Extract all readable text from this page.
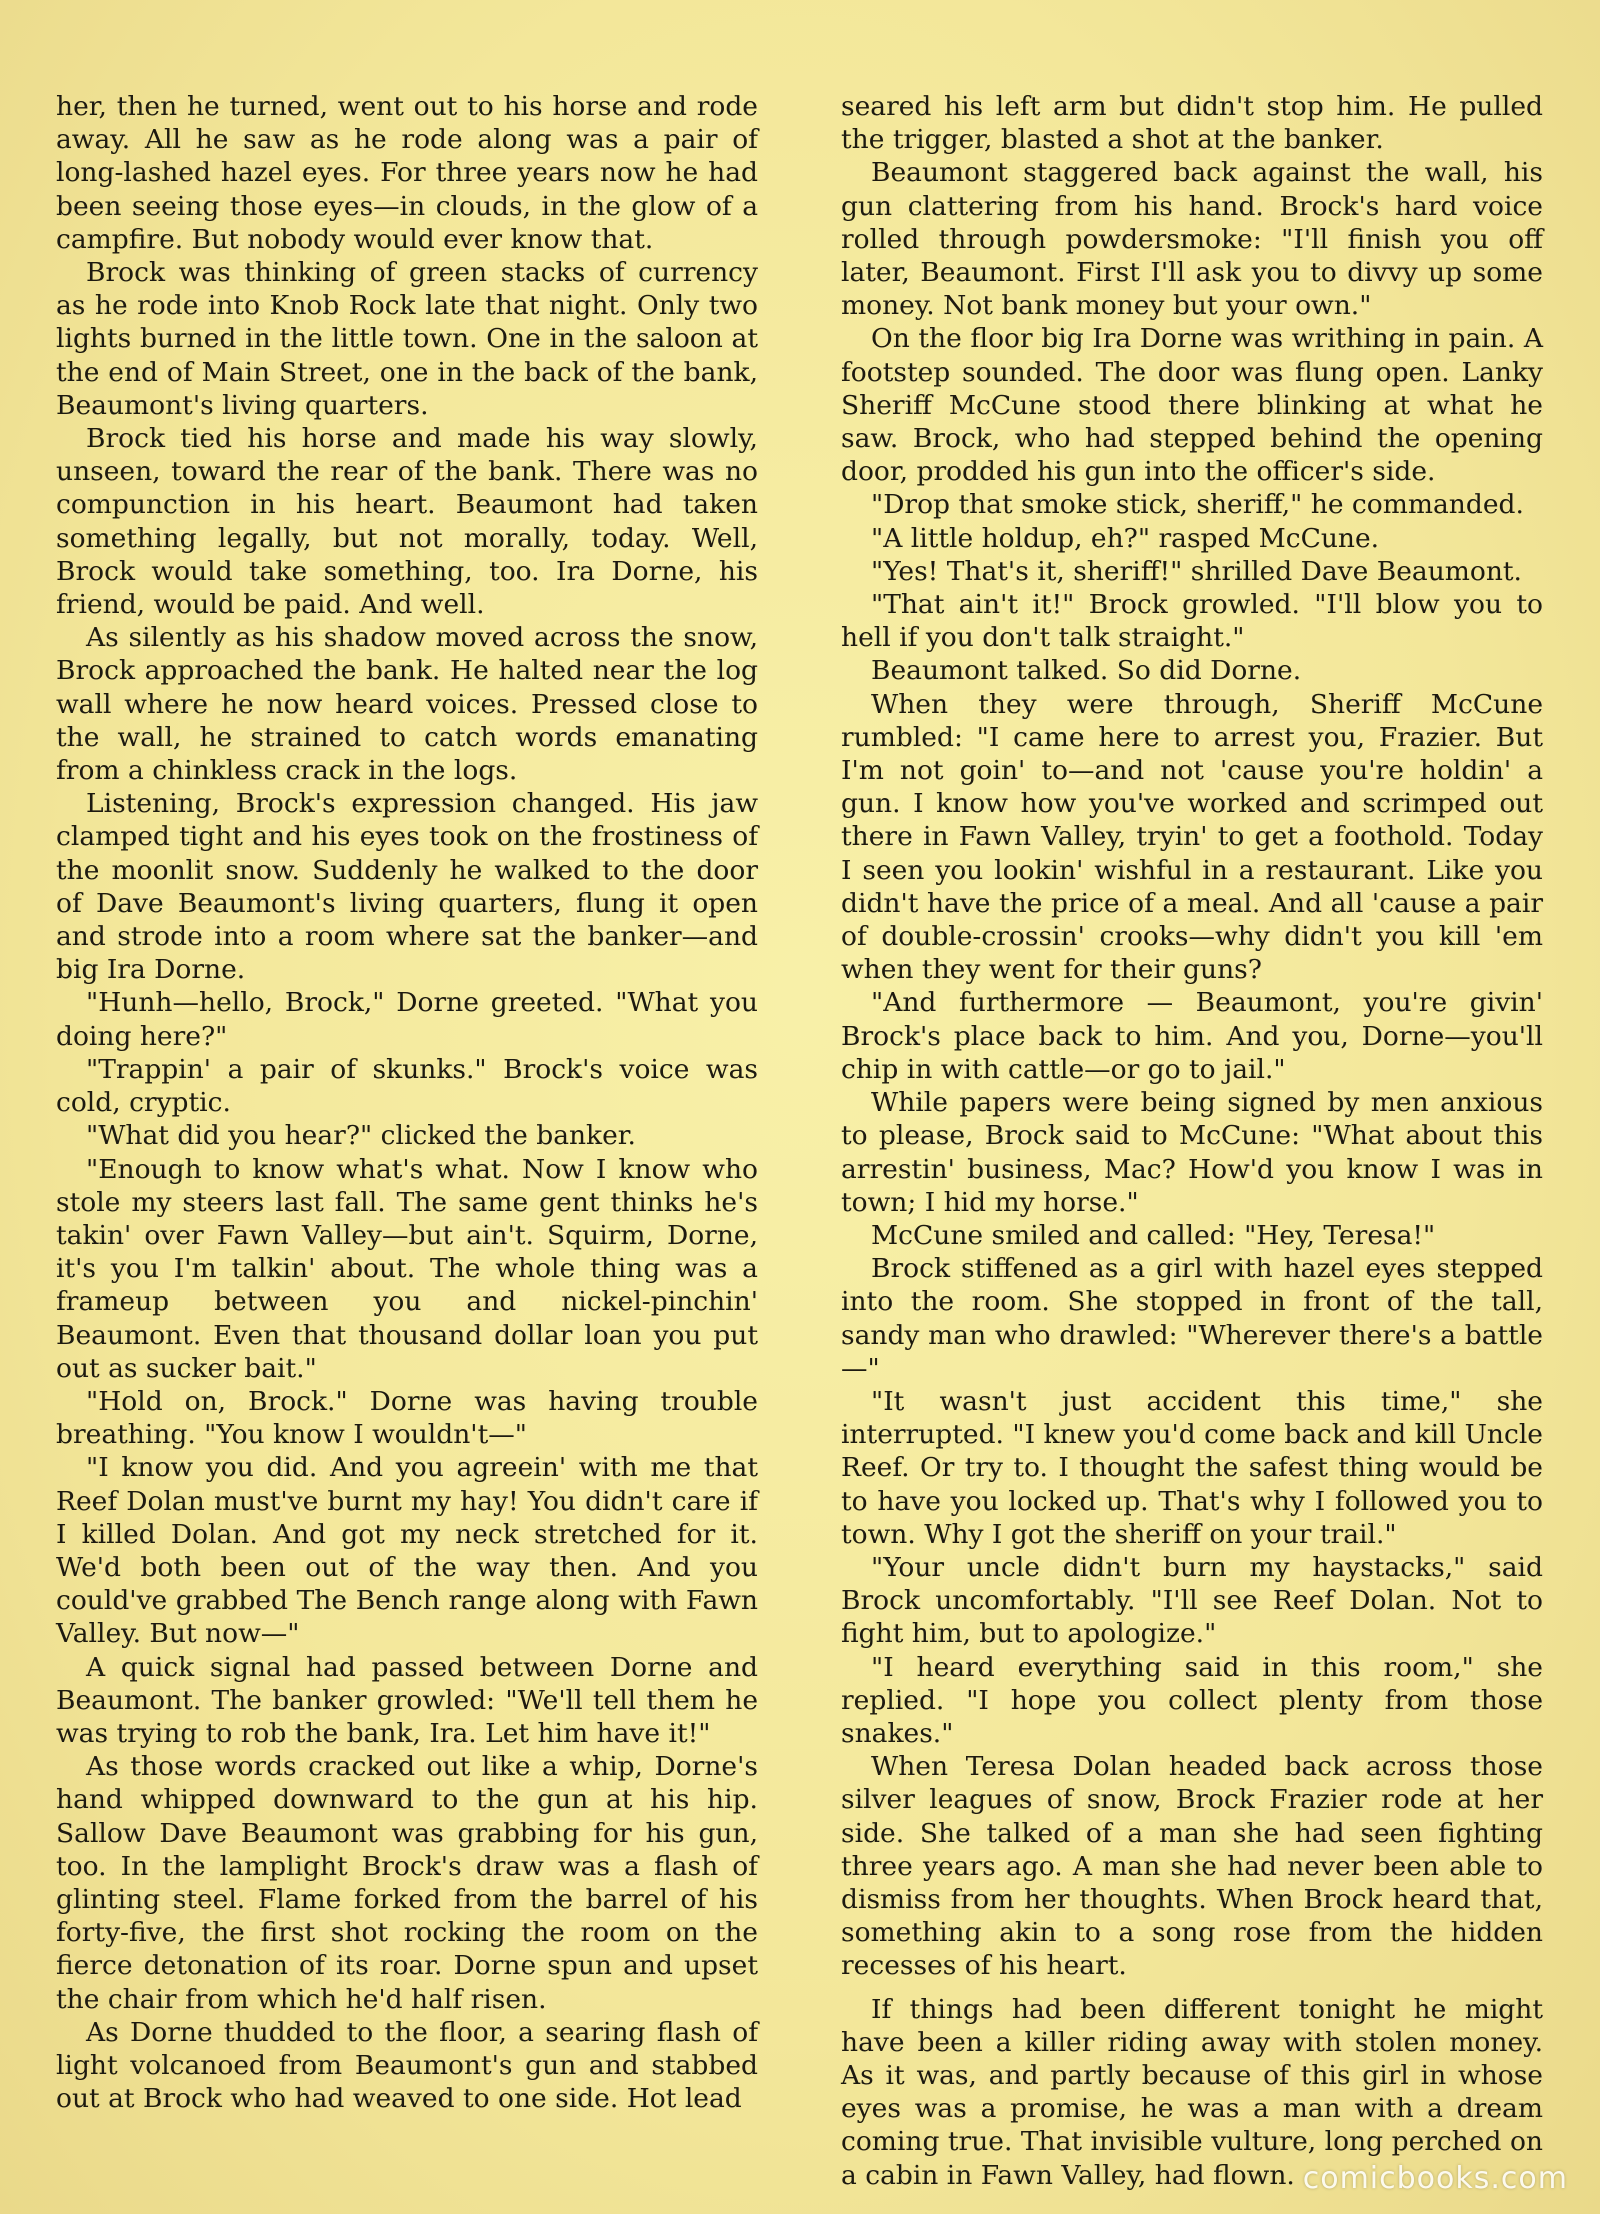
her, then he turned, went out to his horse and rode away. All he saw as he rode along was a pair of long-lashed hazel eyes. For three years now he had been seeing those eyes—in clouds, in the glow of a campfire. But nobody would ever know that.

Brock was thinking of green stacks of currency as he rode into Knob Rock late that night. Only two lights burned in the little town. One in the saloon at the end of Main Street, one in the back of the bank, Beaumont's living quarters.

Brock tied his horse and made his way slowly, unseen, toward the rear of the bank. There was no compunction in his heart. Beaumont had taken something legally, but not morally, today. Well, Brock would take something, too. Ira Dorne, his friend, would be paid. And well.

As silently as his shadow moved across the snow, Brock approached the bank. He halted near the log wall where he now heard voices. Pressed close to the wall, he strained to catch words emanating from a chinkless crack in the logs.

Listening, Brock's expression changed. His jaw clamped tight and his eyes took on the frostiness of the moonlit snow. Suddenly he walked to the door of Dave Beaumont's living quarters, flung it open and strode into a room where sat the banker—and big Ira Dorne.

"Hunh—hello, Brock," Dorne greeted. "What you doing here?"

"Trappin' a pair of skunks." Brock's voice was cold, cryptic.

"What did you hear?" clicked the banker.

"Enough to know what's what. Now I know who stole my steers last fall. The same gent thinks he's takin' over Fawn Valley—but ain't. Squirm, Dorne, it's you I'm talkin' about. The whole thing was a frameup between you and nickel-pinchin' Beaumont. Even that thousand dollar loan you put out as sucker bait."

"Hold on, Brock." Dorne was having trouble breathing. "You know I wouldn't—"

"I know you did. And you agreein' with me that Reef Dolan must've burnt my hay! You didn't care if I killed Dolan. And got my neck stretched for it. We'd both been out of the way then. And you could've grabbed The Bench range along with Fawn Valley. But now—"

A quick signal had passed between Dorne and Beaumont. The banker growled: "We'll tell them he was trying to rob the bank, Ira. Let him have it!"

As those words cracked out like a whip, Dorne's hand whipped downward to the gun at his hip. Sallow Dave Beaumont was grabbing for his gun, too. In the lamplight Brock's draw was a flash of glinting steel. Flame forked from the barrel of his forty-five, the first shot rocking the room on the fierce detonation of its roar. Dorne spun and upset the chair from which he'd half risen.

As Dorne thudded to the floor, a searing flash of light volcanoed from Beaumont's gun and stabbed out at Brock who had weaved to one side. Hot lead

seared his left arm but didn't stop him. He pulled the trigger, blasted a shot at the banker.

Beaumont staggered back against the wall, his gun clattering from his hand. Brock's hard voice rolled through powdersmoke: "I'll finish you off later, Beaumont. First I'll ask you to divvy up some money. Not bank money but your own."

On the floor big Ira Dorne was writhing in pain. A footstep sounded. The door was flung open. Lanky Sheriff McCune stood there blinking at what he saw. Brock, who had stepped behind the opening door, prodded his gun into the officer's side.

"Drop that smoke stick, sheriff," he commanded.

"A little holdup, eh?" rasped McCune.

"Yes! That's it, sheriff!" shrilled Dave Beaumont.

"That ain't it!" Brock growled. "I'll blow you to hell if you don't talk straight."

Beaumont talked. So did Dorne.

When they were through, Sheriff McCune rumbled: "I came here to arrest you, Frazier. But I'm not goin' to—and not 'cause you're holdin' a gun. I know how you've worked and scrimped out there in Fawn Valley, tryin' to get a foothold. Today I seen you lookin' wishful in a restaurant. Like you didn't have the price of a meal. And all 'cause a pair of double-crossin' crooks—why didn't you kill 'em when they went for their guns?

"And furthermore — Beaumont, you're givin' Brock's place back to him. And you, Dorne—you'll chip in with cattle—or go to jail."

While papers were being signed by men anxious to please, Brock said to McCune: "What about this arrestin' business, Mac? How'd you know I was in town; I hid my horse."

McCune smiled and called: "Hey, Teresa!"

Brock stiffened as a girl with hazel eyes stepped into the room. She stopped in front of the tall, sandy man who drawled: "Wherever there's a battle—"

"It wasn't just accident this time," she interrupted. "I knew you'd come back and kill Uncle Reef. Or try to. I thought the safest thing would be to have you locked up. That's why I followed you to town. Why I got the sheriff on your trail."

"Your uncle didn't burn my haystacks," said Brock uncomfortably. "I'll see Reef Dolan. Not to fight him, but to apologize."

"I heard everything said in this room," she replied. "I hope you collect plenty from those snakes."

When Teresa Dolan headed back across those silver leagues of snow, Brock Frazier rode at her side. She talked of a man she had seen fighting three years ago. A man she had never been able to dismiss from her thoughts. When Brock heard that, something akin to a song rose from the hidden recesses of his heart.

If things had been different tonight he might have been a killer riding away with stolen money. As it was, and partly because of this girl in whose eyes was a promise, he was a man with a dream coming true. That invisible vulture, long perched on a cabin in Fawn Valley, had flown. comicbooks.com
